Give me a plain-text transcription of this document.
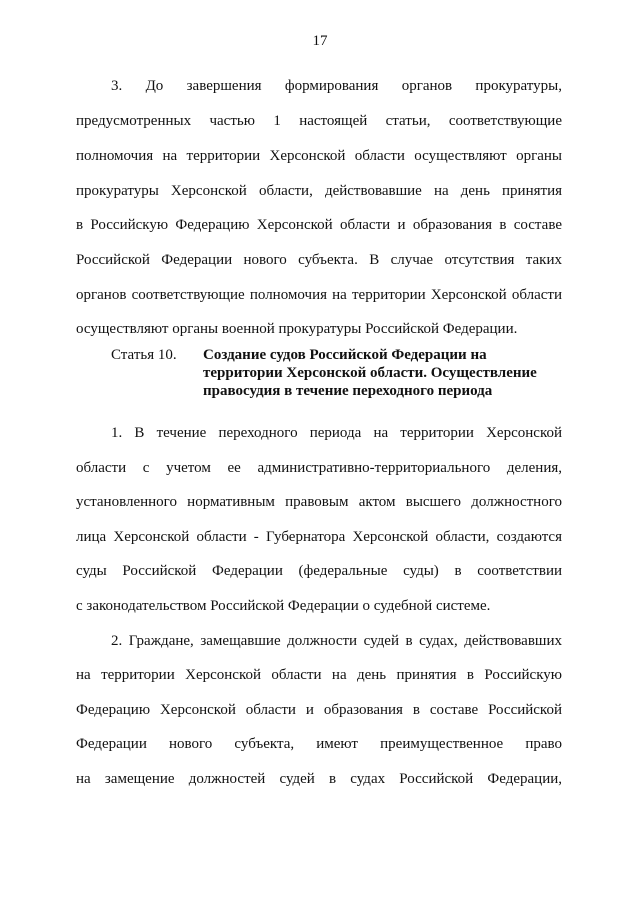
17
3. До завершения формирования органов прокуратуры,
предусмотренных частью 1 настоящей статьи, соответствующие
полномочия на территории Херсонской области осуществляют органы
прокуратуры Херсонской области, действовавшие на день принятия
в Российскую Федерацию Херсонской области и образования в составе
Российской Федерации нового субъекта. В случае отсутствия таких
органов соответствующие полномочия на территории Херсонской области
осуществляют органы военной прокуратуры Российской Федерации.
Статья 10. Создание судов Российской Федерации на
территории Херсонской области. Осуществление
правосудия в течение переходного периода
1. В течение переходного периода на территории Херсонской
области с учетом ее административно-территориального деления,
установленного нормативным правовым актом высшего должностного
лица Херсонской области - Губернатора Херсонской области, создаются
суды Российской Федерации (федеральные суды) в соответствии
с законодательством Российской Федерации о судебной системе.
2. Граждане, замещавшие должности судей в судах, действовавших
на территории Херсонской области на день принятия в Российскую
Федерацию Херсонской области и образования в составе Российской
Федерации нового субъекта, имеют преимущественное право
на замещение должностей судей в судах Российской Федерации,
